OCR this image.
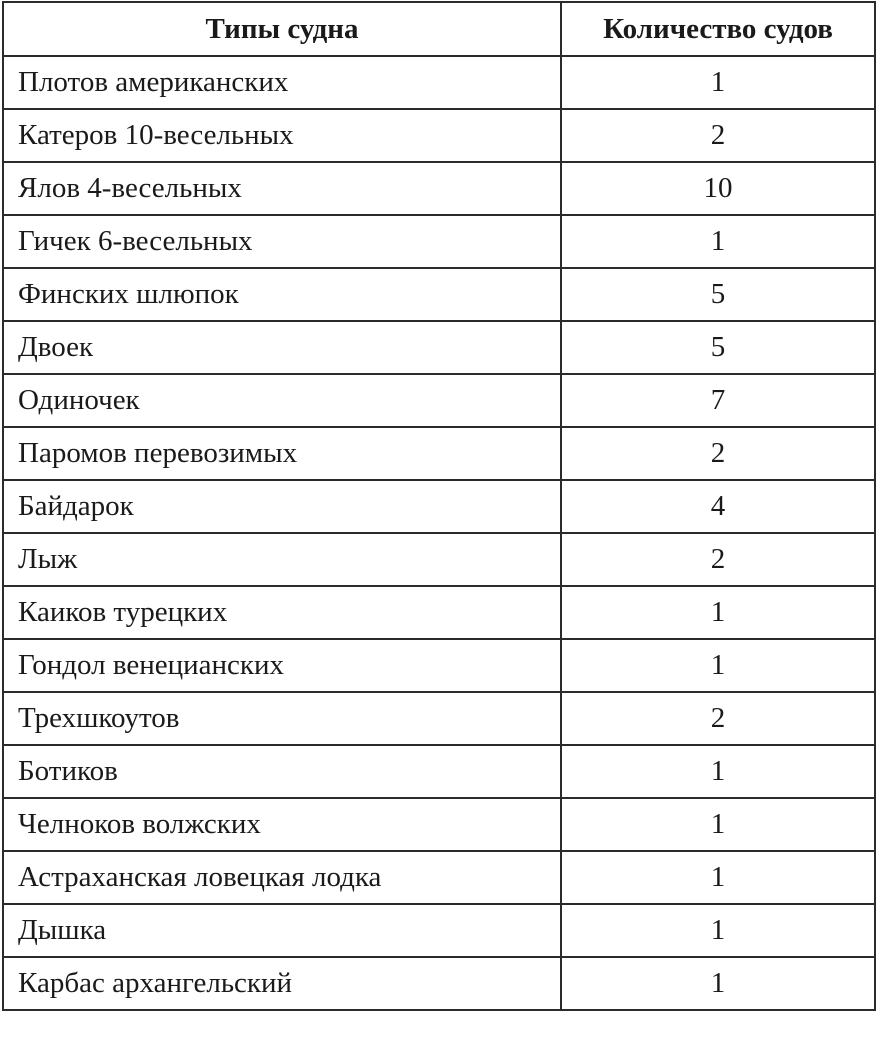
Типы судна	Количество судов
Плотов американских	1
Катеров 10-весельных	2
Ялов 4-весельных	10
Гичек 6-весельных	1
Финских шлюпок	5
Двоек	5
Одиночек	7
Паромов перевозимых	2
Байдарок	4
Лыж	2
Каиков турецких	1
Гондол венецианских	1
Трехшкоутов	2
Ботиков	1
Челноков волжских	1
Астраханская ловецкая лодка	1
Дышка	1
Карбас архангельский	1
